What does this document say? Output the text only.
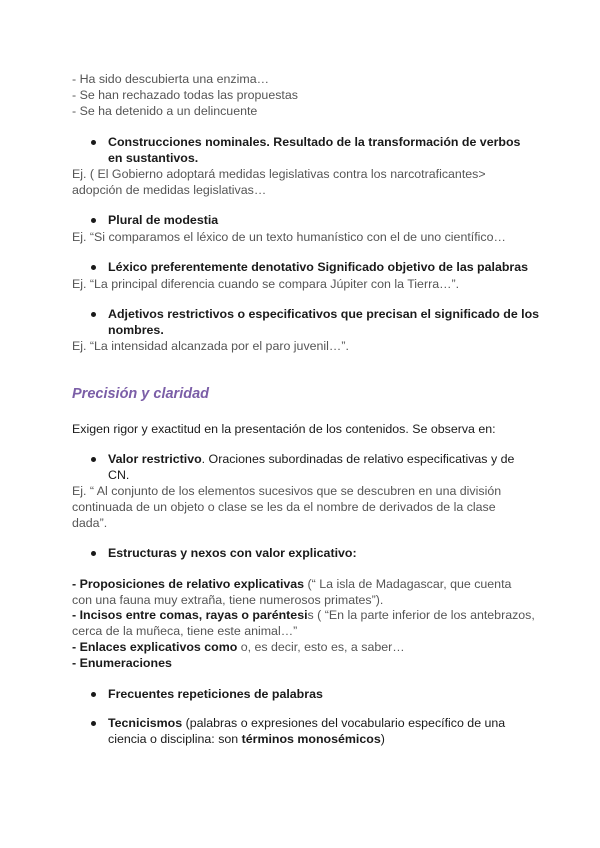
- Ha sido descubierta una enzima…
- Se han rechazado todas las propuestas
- Se ha detenido a un delincuente
Construcciones nominales. Resultado de la transformación de verbos
en sustantivos.
Ej. ( El Gobierno adoptará medidas legislativas contra los narcotraficantes>
adopción de medidas legislativas…
Plural de modestia
Ej. “Si comparamos el léxico de un texto humanístico con el de uno científico…
Léxico preferentemente denotativo Significado objetivo de las palabras
Ej. “La principal diferencia cuando se compara Júpiter con la Tierra…”.
Adjetivos restrictivos o especificativos que precisan el significado de los
nombres.
Ej. “La intensidad alcanzada por el paro juvenil…”.
Precisión y claridad
Exigen rigor y exactitud en la presentación de los contenidos. Se observa en:
Valor restrictivo. Oraciones subordinadas de relativo especificativas y de
CN.
Ej. “ Al conjunto de los elementos sucesivos que se descubren en una división
continuada de un objeto o clase se les da el nombre de derivados de la clase
dada”.
Estructuras y nexos con valor explicativo:
- Proposiciones de relativo explicativas (“ La isla de Madagascar, que cuenta
con una fauna muy extraña, tiene numerosos primates”).
- Incisos entre comas, rayas o paréntesis ( “En la parte inferior de los antebrazos,
cerca de la muñeca, tiene este animal…”
- Enlaces explicativos como o, es decir, esto es, a saber…
- Enumeraciones
Frecuentes repeticiones de palabras
Tecnicismos (palabras o expresiones del vocabulario específico de una
ciencia o disciplina: son términos monosémicos)
